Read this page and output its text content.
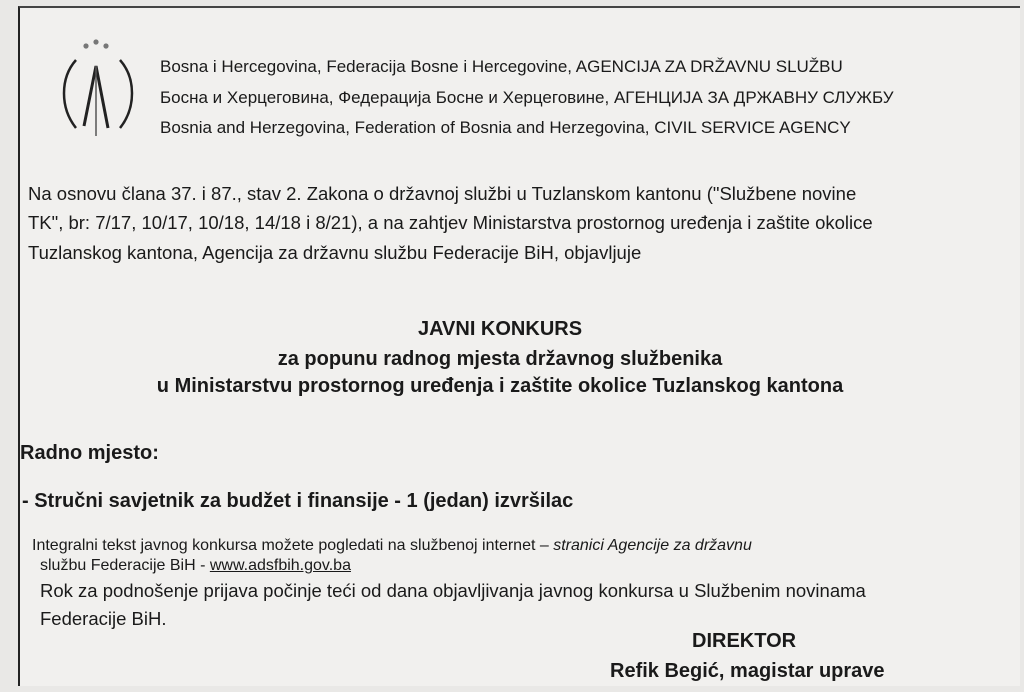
Bosna i Hercegovina, Federacija Bosne i Hercegovine, AGENCIJA ZA DRŽAVNU SLUŽBU
Босна и Херцеговина, Федерација Босне и Херцеговине, АГЕНЦИЈА ЗА ДРЖАВНУ СЛУЖБУ
Bosnia and Herzegovina, Federation of Bosnia and Herzegovina, CIVIL SERVICE AGENCY
Na osnovu člana 37. i 87., stav 2. Zakona o državnoj službi u Tuzlanskom kantonu ("Službene novine
TK", br: 7/17, 10/17, 10/18, 14/18 i 8/21), a na zahtjev Ministarstva prostornog uređenja i zaštite okolice
Tuzlanskog kantona, Agencija za državnu službu Federacije BiH, objavljuje
JAVNI KONKURS
za popunu radnog mjesta državnog službenika
u Ministarstvu prostornog uređenja i zaštite okolice Tuzlanskog kantona
Radno mjesto:
- Stručni savjetnik za budžet i finansije - 1 (jedan) izvršilac
Integralni tekst javnog konkursa možete pogledati na službenoj internet – stranici Agencije za državnu
službu Federacije BiH - www.adsfbih.gov.ba
Rok za podnošenje prijava počinje teći od dana objavljivanja javnog konkursa u Službenim novinama
Federacije BiH.
DIREKTOR
Refik Begić, magistar uprave
